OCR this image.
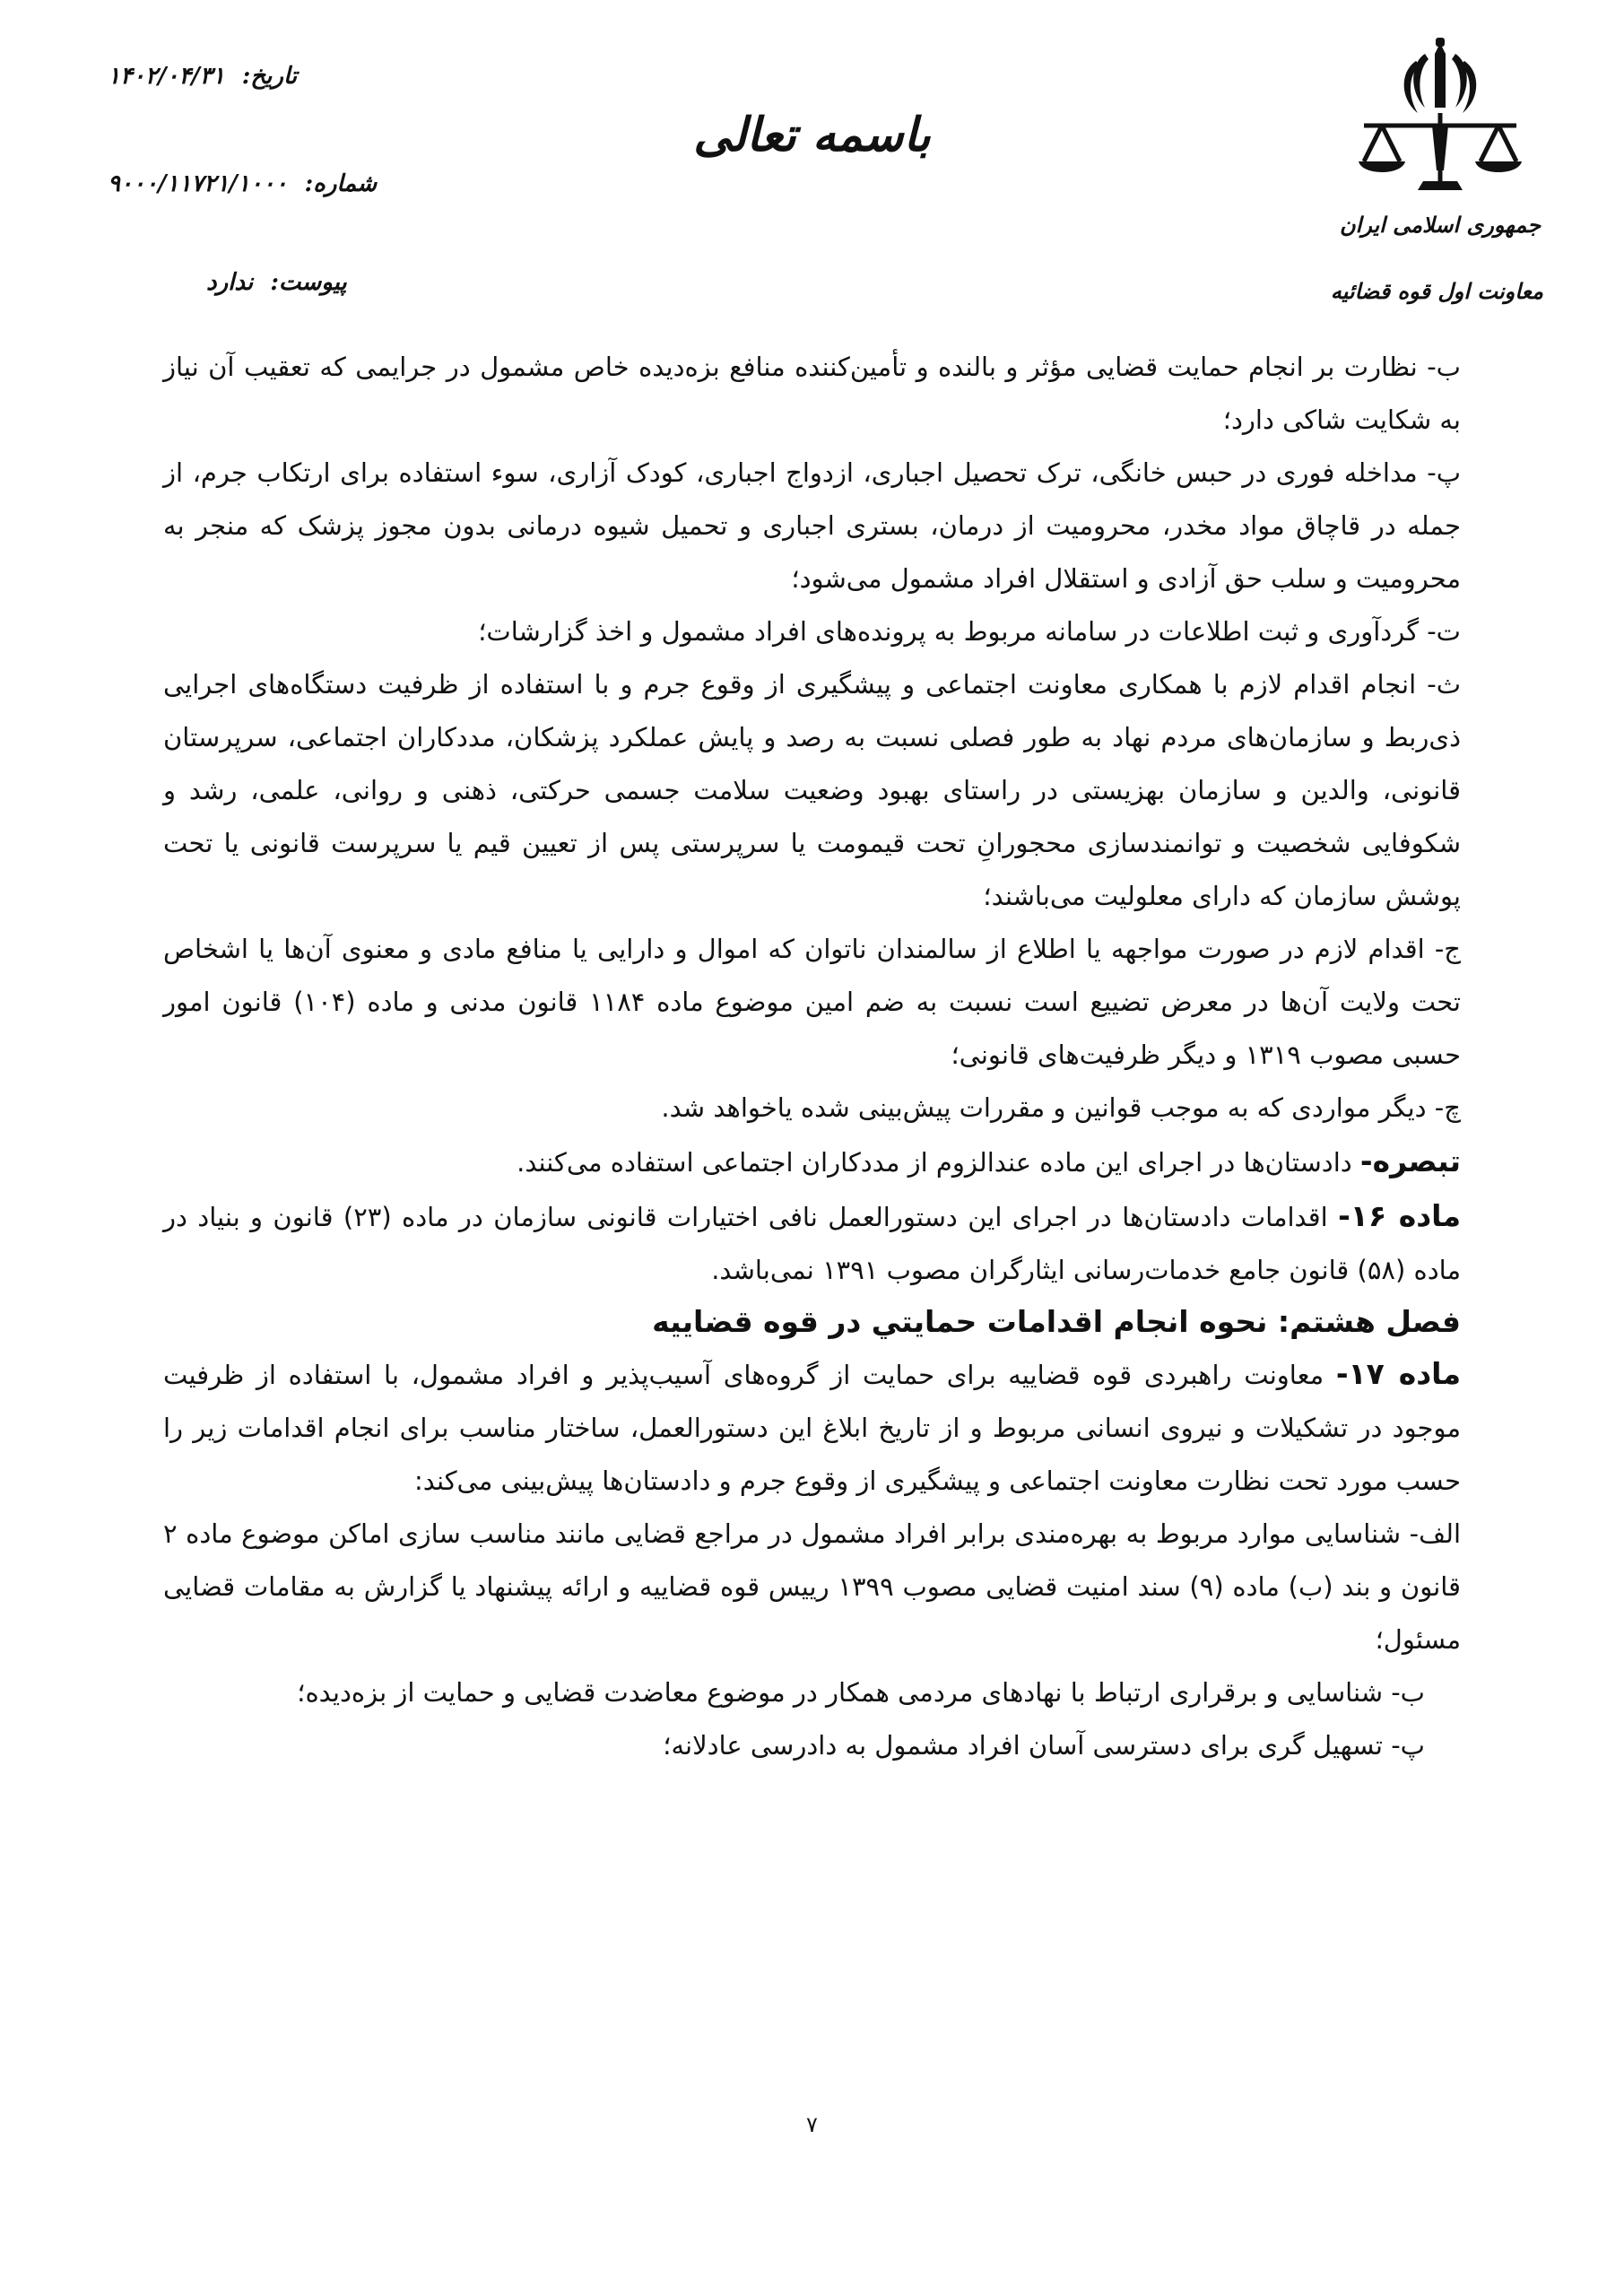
جمهوری اسلامی ایران
معاونت اول قوه قضائیه
باسمه تعالی
تاریخ: ۱۴۰۲/۰۴/۳۱
شماره: ۹۰۰۰/۱۱۷۲۱/۱۰۰۰
پیوست: ندارد

ب- نظارت بر انجام حمایت قضایی مؤثر و بالنده و تأمین‌کننده منافع بزه‌دیده خاص مشمول در جرایمی که تعقیب آن نیاز به شکایت شاکی دارد؛

پ- مداخله فوری در حبس خانگی، ترک تحصیل اجباری، ازدواج اجباری، کودک آزاری، سوء استفاده برای ارتکاب جرم، از جمله در قاچاق مواد مخدر، محرومیت از درمان، بستری اجباری و تحمیل شیوه درمانی بدون مجوز پزشک که منجر به محرومیت و سلب حق آزادی و استقلال افراد مشمول می‌شود؛

ت- گردآوری و ثبت اطلاعات در سامانه مربوط به پرونده‌های افراد مشمول و اخذ گزارشات؛

ث- انجام اقدام لازم با همکاری معاونت اجتماعی و پیشگیری از وقوع جرم و با استفاده از ظرفیت دستگاه‌های اجرایی ذی‌ربط و سازمان‌های مردم نهاد به طور فصلی نسبت به رصد و پایش عملکرد پزشکان، مددکاران اجتماعی، سرپرستان قانونی، والدین و سازمان بهزیستی در راستای بهبود وضعیت سلامت جسمی حرکتی، ذهنی و روانی، علمی، رشد و شکوفایی شخصیت و توانمندسازی محجورانِ تحت قیمومت یا سرپرستی پس از تعیین قیم یا سرپرست قانونی یا تحت پوشش سازمان که دارای معلولیت می‌باشند؛

ج- اقدام لازم در صورت مواجهه یا اطلاع از سالمندان ناتوان که اموال و دارایی یا منافع مادی و معنوی آن‌ها یا اشخاص تحت ولایت آن‌ها در معرض تضییع است نسبت به ضم امین موضوع ماده ۱۱۸۴ قانون مدنی و ماده (۱۰۴) قانون امور حسبی مصوب ۱۳۱۹ و دیگر ظرفیت‌های قانونی؛

چ- دیگر مواردی که به موجب قوانین و مقررات پیش‌بینی شده یاخواهد شد.

تبصره- دادستان‌ها در اجرای این ماده عندالزوم از مددکاران اجتماعی استفاده می‌کنند.

ماده ۱۶- اقدامات دادستان‌ها در اجرای این دستورالعمل نافی اختیارات قانونی سازمان در ماده (۲۳) قانون و بنیاد در ماده (۵۸) قانون جامع خدمات‌رسانی ایثارگران مصوب ۱۳۹۱ نمی‌باشد.

فصل هشتم: نحوه انجام اقدامات حمايتي در قوه قضاییه

ماده ۱۷- معاونت راهبردی قوه قضاییه برای حمایت از گروه‌های آسیب‌پذیر و افراد مشمول، با استفاده از ظرفیت موجود در تشکیلات و نیروی انسانی مربوط و از تاریخ ابلاغ این دستورالعمل، ساختار مناسب برای انجام اقدامات زیر را حسب مورد تحت نظارت معاونت اجتماعی و پیشگیری از وقوع جرم و دادستان‌ها پیش‌بینی می‌کند:

الف- شناسایی موارد مربوط به بهره‌مندی برابر افراد مشمول در مراجع قضایی مانند مناسب سازی اماکن موضوع ماده ۲ قانون و بند (ب) ماده (۹) سند امنیت قضایی مصوب ۱۳۹۹ رییس قوه قضاییه و ارائه پیشنهاد یا گزارش به مقامات قضایی مسئول؛

ب- شناسایی و برقراری ارتباط با نهادهای مردمی همکار در موضوع معاضدت قضایی و حمایت از بزه‌دیده؛

پ- تسهیل گری برای دسترسی آسان افراد مشمول به دادرسی عادلانه؛

۷
